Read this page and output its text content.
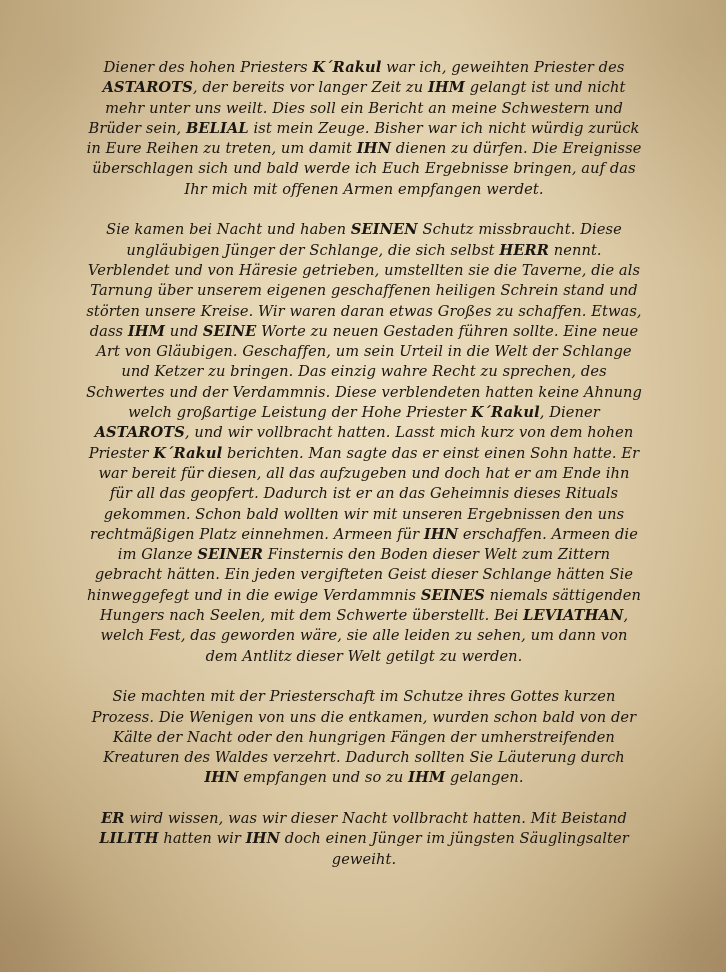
Diener des hohen Priesters K´Rakul war ich, geweihten Priester des ASTAROTS, der bereits vor langer Zeit zu IHM gelangt ist und nicht mehr unter uns weilt. Dies soll ein Bericht an meine Schwestern und Brüder sein, BELIAL ist mein Zeuge. Bisher war ich nicht würdig zurück in Eure Reihen zu treten, um damit IHN dienen zu dürfen. Die Ereignisse überschlagen sich und bald werde ich Euch Ergebnisse bringen, auf das Ihr mich mit offenen Armen empfangen werdet.

Sie kamen bei Nacht und haben SEINEN Schutz missbraucht. Diese ungläubigen Jünger der Schlange, die sich selbst HERR nennt. Verblendet und von Häresie getrieben, umstellten sie die Taverne, die als Tarnung über unserem eigenen geschaffenen heiligen Schrein stand und störten unsere Kreise. Wir waren daran etwas Großes zu schaffen. Etwas, dass IHM und SEINE Worte zu neuen Gestaden führen sollte. Eine neue Art von Gläubigen. Geschaffen, um sein Urteil in die Welt der Schlange und Ketzer zu bringen. Das einzig wahre Recht zu sprechen, des Schwertes und der Verdammnis. Diese verblendeten hatten keine Ahnung welch großartige Leistung der Hohe Priester K´Rakul, Diener ASTAROTS, und wir vollbracht hatten. Lasst mich kurz von dem hohen Priester K´Rakul berichten. Man sagte das er einst einen Sohn hatte. Er war bereit für diesen, all das aufzugeben und doch hat er am Ende ihn für all das geopfert. Dadurch ist er an das Geheimnis dieses Rituals gekommen. Schon bald wollten wir mit unseren Ergebnissen den uns rechtmäßigen Platz einnehmen. Armeen für IHN erschaffen. Armeen die im Glanze SEINER Finsternis den Boden dieser Welt zum Zittern gebracht hätten. Ein jeden vergifteten Geist dieser Schlange hätten Sie hinweggefegt und in die ewige Verdammnis SEINES niemals sättigenden Hungers nach Seelen, mit dem Schwerte überstellt. Bei LEVIATHAN, welch Fest, das geworden wäre, sie alle leiden zu sehen, um dann von dem Antlitz dieser Welt getilgt zu werden.

Sie machten mit der Priesterschaft im Schutze ihres Gottes kurzen Prozess. Die Wenigen von uns die entkamen, wurden schon bald von der Kälte der Nacht oder den hungrigen Fängen der umherstreifenden Kreaturen des Waldes verzehrt. Dadurch sollten Sie Läuterung durch IHN empfangen und so zu IHM gelangen.

ER wird wissen, was wir dieser Nacht vollbracht hatten. Mit Beistand LILITH hatten wir IHN doch einen Jünger im jüngsten Säuglingsalter geweiht.
